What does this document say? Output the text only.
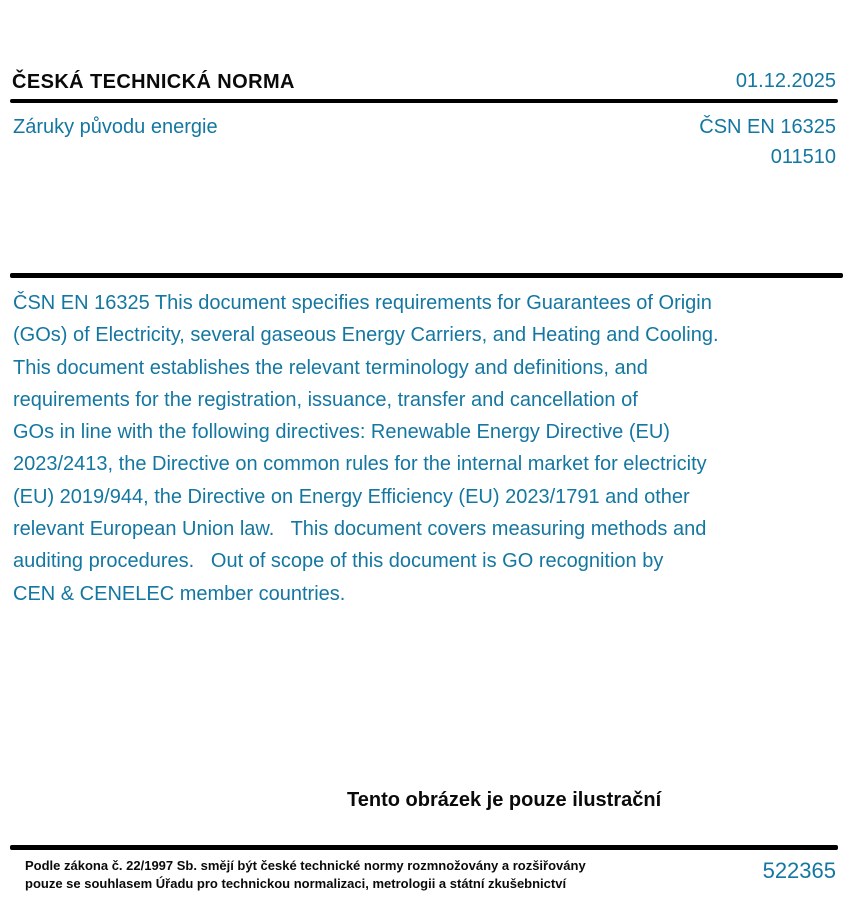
ČESKÁ TECHNICKÁ NORMA	01.12.2025
Záruky původu energie	ČSN EN 16325
011510
ČSN EN 16325 This document specifies requirements for Guarantees of Origin
(GOs) of Electricity, several gaseous Energy Carriers, and Heating and Cooling.
This document establishes the relevant terminology and definitions, and
requirements for the registration, issuance, transfer and cancellation of
GOs in line with the following directives: Renewable Energy Directive (EU)
2023/2413, the Directive on common rules for the internal market for electricity
(EU) 2019/944, the Directive on Energy Efficiency (EU) 2023/1791 and other
relevant European Union law.   This document covers measuring methods and
auditing procedures.   Out of scope of this document is GO recognition by
CEN & CENELEC member countries.
Tento obrázek je pouze ilustrační
Podle zákona č. 22/1997 Sb. smějí být české technické normy rozmnožovány a rozšiřovány
pouze se souhlasem Úřadu pro technickou normalizaci, metrologii a státní zkušebnictví
522365
